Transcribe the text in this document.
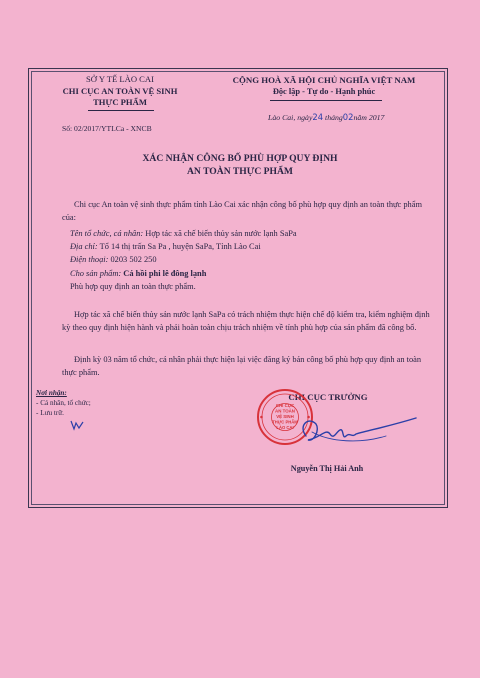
SỞ Y TẾ LÀO CAI
CHI CỤC AN TOÀN VỆ SINH
THỰC PHẨM
CỘNG HOÀ XÃ HỘI CHỦ NGHĨA VIỆT NAM
Độc lập - Tự do - Hạnh phúc
Số: 02/2017/YTLCa - XNCB
Lào Cai, ngày24 tháng02năm 2017
XÁC NHẬN CÔNG BỐ PHÙ HỢP QUY ĐỊNH
AN TOÀN THỰC PHẨM
Chi cục An toàn vệ sinh thực phẩm tỉnh Lào Cai xác nhận công bố phù hợp quy định an toàn thực phẩm của:
Tên tổ chức, cá nhân: Hợp tác xã chế biến thủy sản nước lạnh SaPa
Địa chỉ: Tổ 14 thị trấn Sa Pa , huyện SaPa, Tỉnh Lào Cai
Điện thoại: 0203 502 250
Cho sản phẩm: Cá hồi phi lê đông lạnh
Phù hợp quy định an toàn thực phẩm.
Hợp tác xã chế biến thủy sản nước lạnh SaPa có trách nhiệm thực hiện chế độ kiểm tra, kiểm nghiệm định kỳ theo quy định hiện hành và phải hoàn toàn chịu trách nhiệm về tính phù hợp của sản phẩm đã công bố.
Định kỳ 03 năm tổ chức, cá nhân phải thực hiện lại việc đăng ký bản công bố phù hợp quy định an toàn thực phẩm.
Nơi nhận:
- Cá nhân, tổ chức;
- Lưu trữ.
CHI CỤC TRƯỞNG
CHI CỤC
AN TOÀN
VỆ SINH
THỰC PHẨM
LÀO CAI
Nguyễn Thị Hải Anh
